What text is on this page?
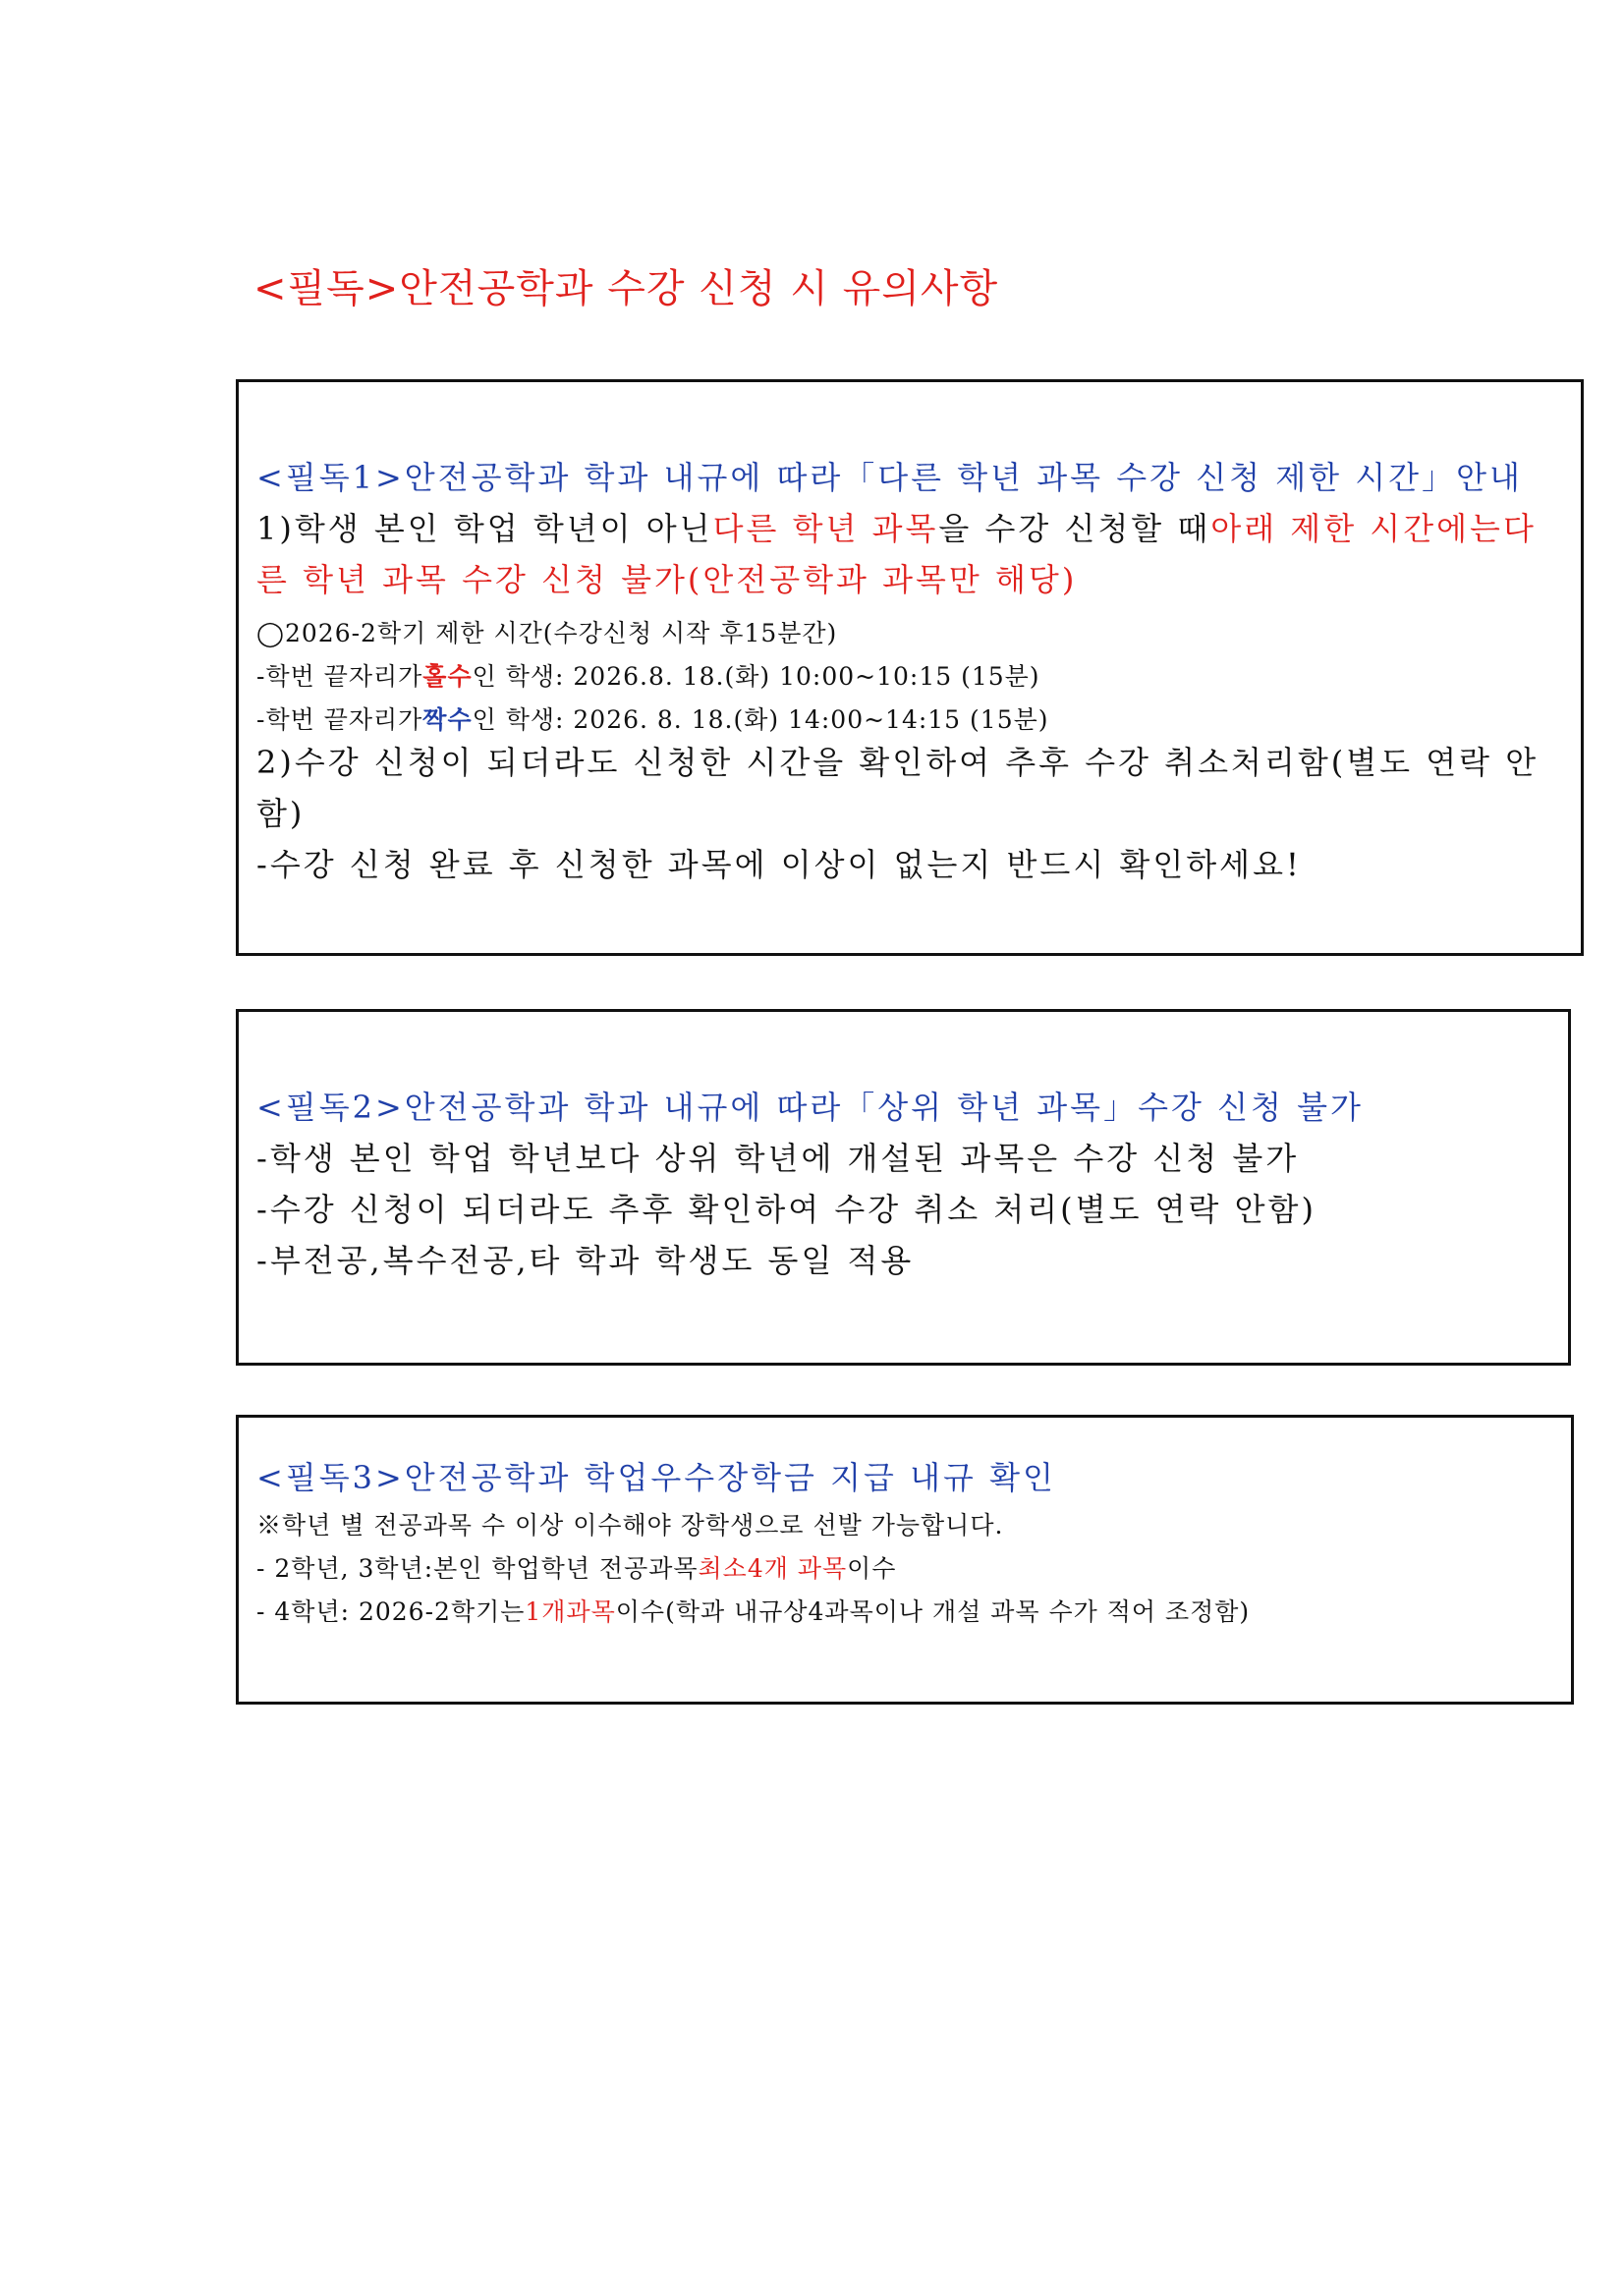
<필독>안전공학과 수강 신청 시 유의사항
<필독1>안전공학과 학과 내규에 따라「다른 학년 과목 수강 신청 제한 시간」안내
1)학생 본인 학업 학년이 아닌다른 학년 과목을 수강 신청할 때아래 제한 시간에는다
른 학년 과목 수강 신청 불가(안전공학과 과목만 해당)
◯2026-2학기 제한 시간(수강신청 시작 후15분간)
-학번 끝자리가홀수인 학생: 2026.8. 18.(화) 10:00~10:15 (15분)
-학번 끝자리가짝수인 학생: 2026. 8. 18.(화) 14:00~14:15 (15분)
2)수강 신청이 되더라도 신청한 시간을 확인하여 추후 수강 취소처리함(별도 연락 안
함)
-수강 신청 완료 후 신청한 과목에 이상이 없는지 반드시 확인하세요!
<필독2>안전공학과 학과 내규에 따라「상위 학년 과목」수강 신청 불가
-학생 본인 학업 학년보다 상위 학년에 개설된 과목은 수강 신청 불가
-수강 신청이 되더라도 추후 확인하여 수강 취소 처리(별도 연락 안함)
-부전공,복수전공,타 학과 학생도 동일 적용
<필독3>안전공학과 학업우수장학금 지급 내규 확인
※학년 별 전공과목 수 이상 이수해야 장학생으로 선발 가능합니다.
- 2학년, 3학년:본인 학업학년 전공과목최소4개 과목이수
- 4학년: 2026-2학기는1개과목이수(학과 내규상4과목이나 개설 과목 수가 적어 조정함)
